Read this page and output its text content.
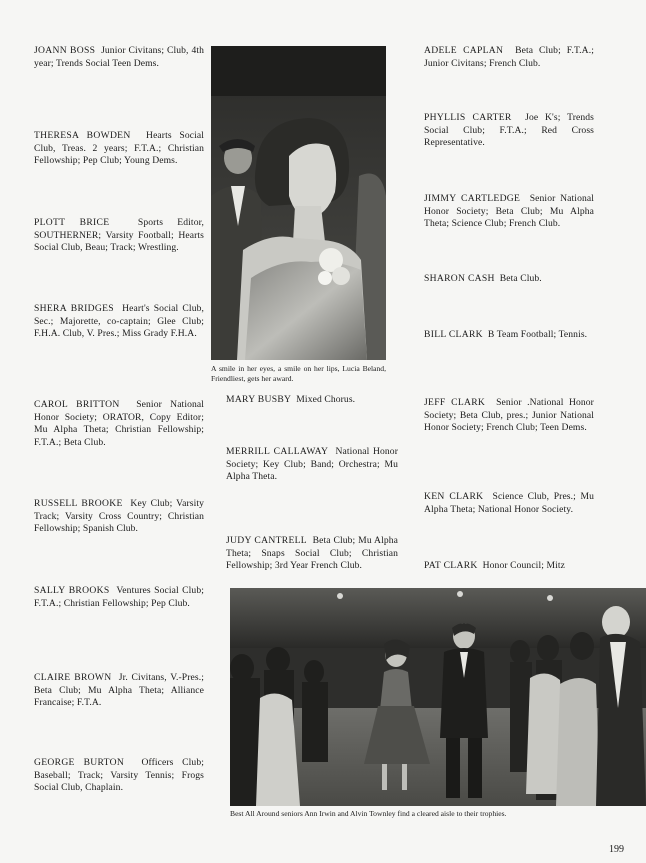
JOANN BOSS Junior Civitans; Club, 4th year; Trends Social Teen Dems.
THERESA BOWDEN Hearts Social Club, Treas. 2 years; F.T.A.; Christian Fellowship; Pep Club; Young Dems.
PLOTT BRICE	Sports Editor, SOUTHERNER; Varsity Football; Hearts Social Club, Beau; Track; Wrestling.
SHERA BRIDGES Heart's Social Club, Sec.; Majorette, co-captain; Glee Club; F.H.A. Club, V. Pres.; Miss Grady F.H.A.
CAROL BRITTON Senior National Honor Society; ORATOR, Copy Editor; Mu Alpha Theta; Christian Fellowship; F.T.A.; Beta Club.
RUSSELL BROOKE Key Club; Varsity Track; Varsity Cross Country; Christian Fellowship; Spanish Club.
SALLY BROOKS Ventures Social Club; F.T.A.; Christian Fellowship; Pep Club.
CLAIRE BROWN Jr. Civitans, V.-Pres.; Beta Club; Mu Alpha Theta; Alliance Francaise; F.T.A.
GEORGE BURTON Officers Club; Baseball; Track; Varsity Tennis; Frogs Social Club, Chaplain.
A smile in her eyes, a smile on her lips, Lucia Beland, Friendliest, gets her award.
MARY BUSBY Mixed Chorus.
MERRILL CALLAWAY National Honor Society; Key Club; Band; Orchestra; Mu Alpha Theta.
JUDY CANTRELL Beta Club; Mu Alpha Theta; Snaps Social Club; Christian Fellowship; 3rd Year French Club.
ADELE CAPLAN Beta Club; F.T.A.; Junior Civitans; French Club.
PHYLLIS CARTER Joe K's; Trends Social Club; F.T.A.; Red Cross Representative.
JIMMY CARTLEDGE Senior National Honor Society; Beta Club; Mu Alpha Theta; Science Club; French Club.
SHARON CASH Beta Club.
BILL CLARK B Team Football; Tennis.
JEFF CLARK Senior .National Honor Society; Beta Club, pres.; Junior National Honor Society; French Club; Teen Dems.
KEN CLARK Science Club, Pres.; Mu Alpha Theta; National Honor Society.
PAT CLARK Honor Council; Mitz
Best All Around seniors Ann Irwin and Alvin Townley find a cleared aisle to their trophies.
199
